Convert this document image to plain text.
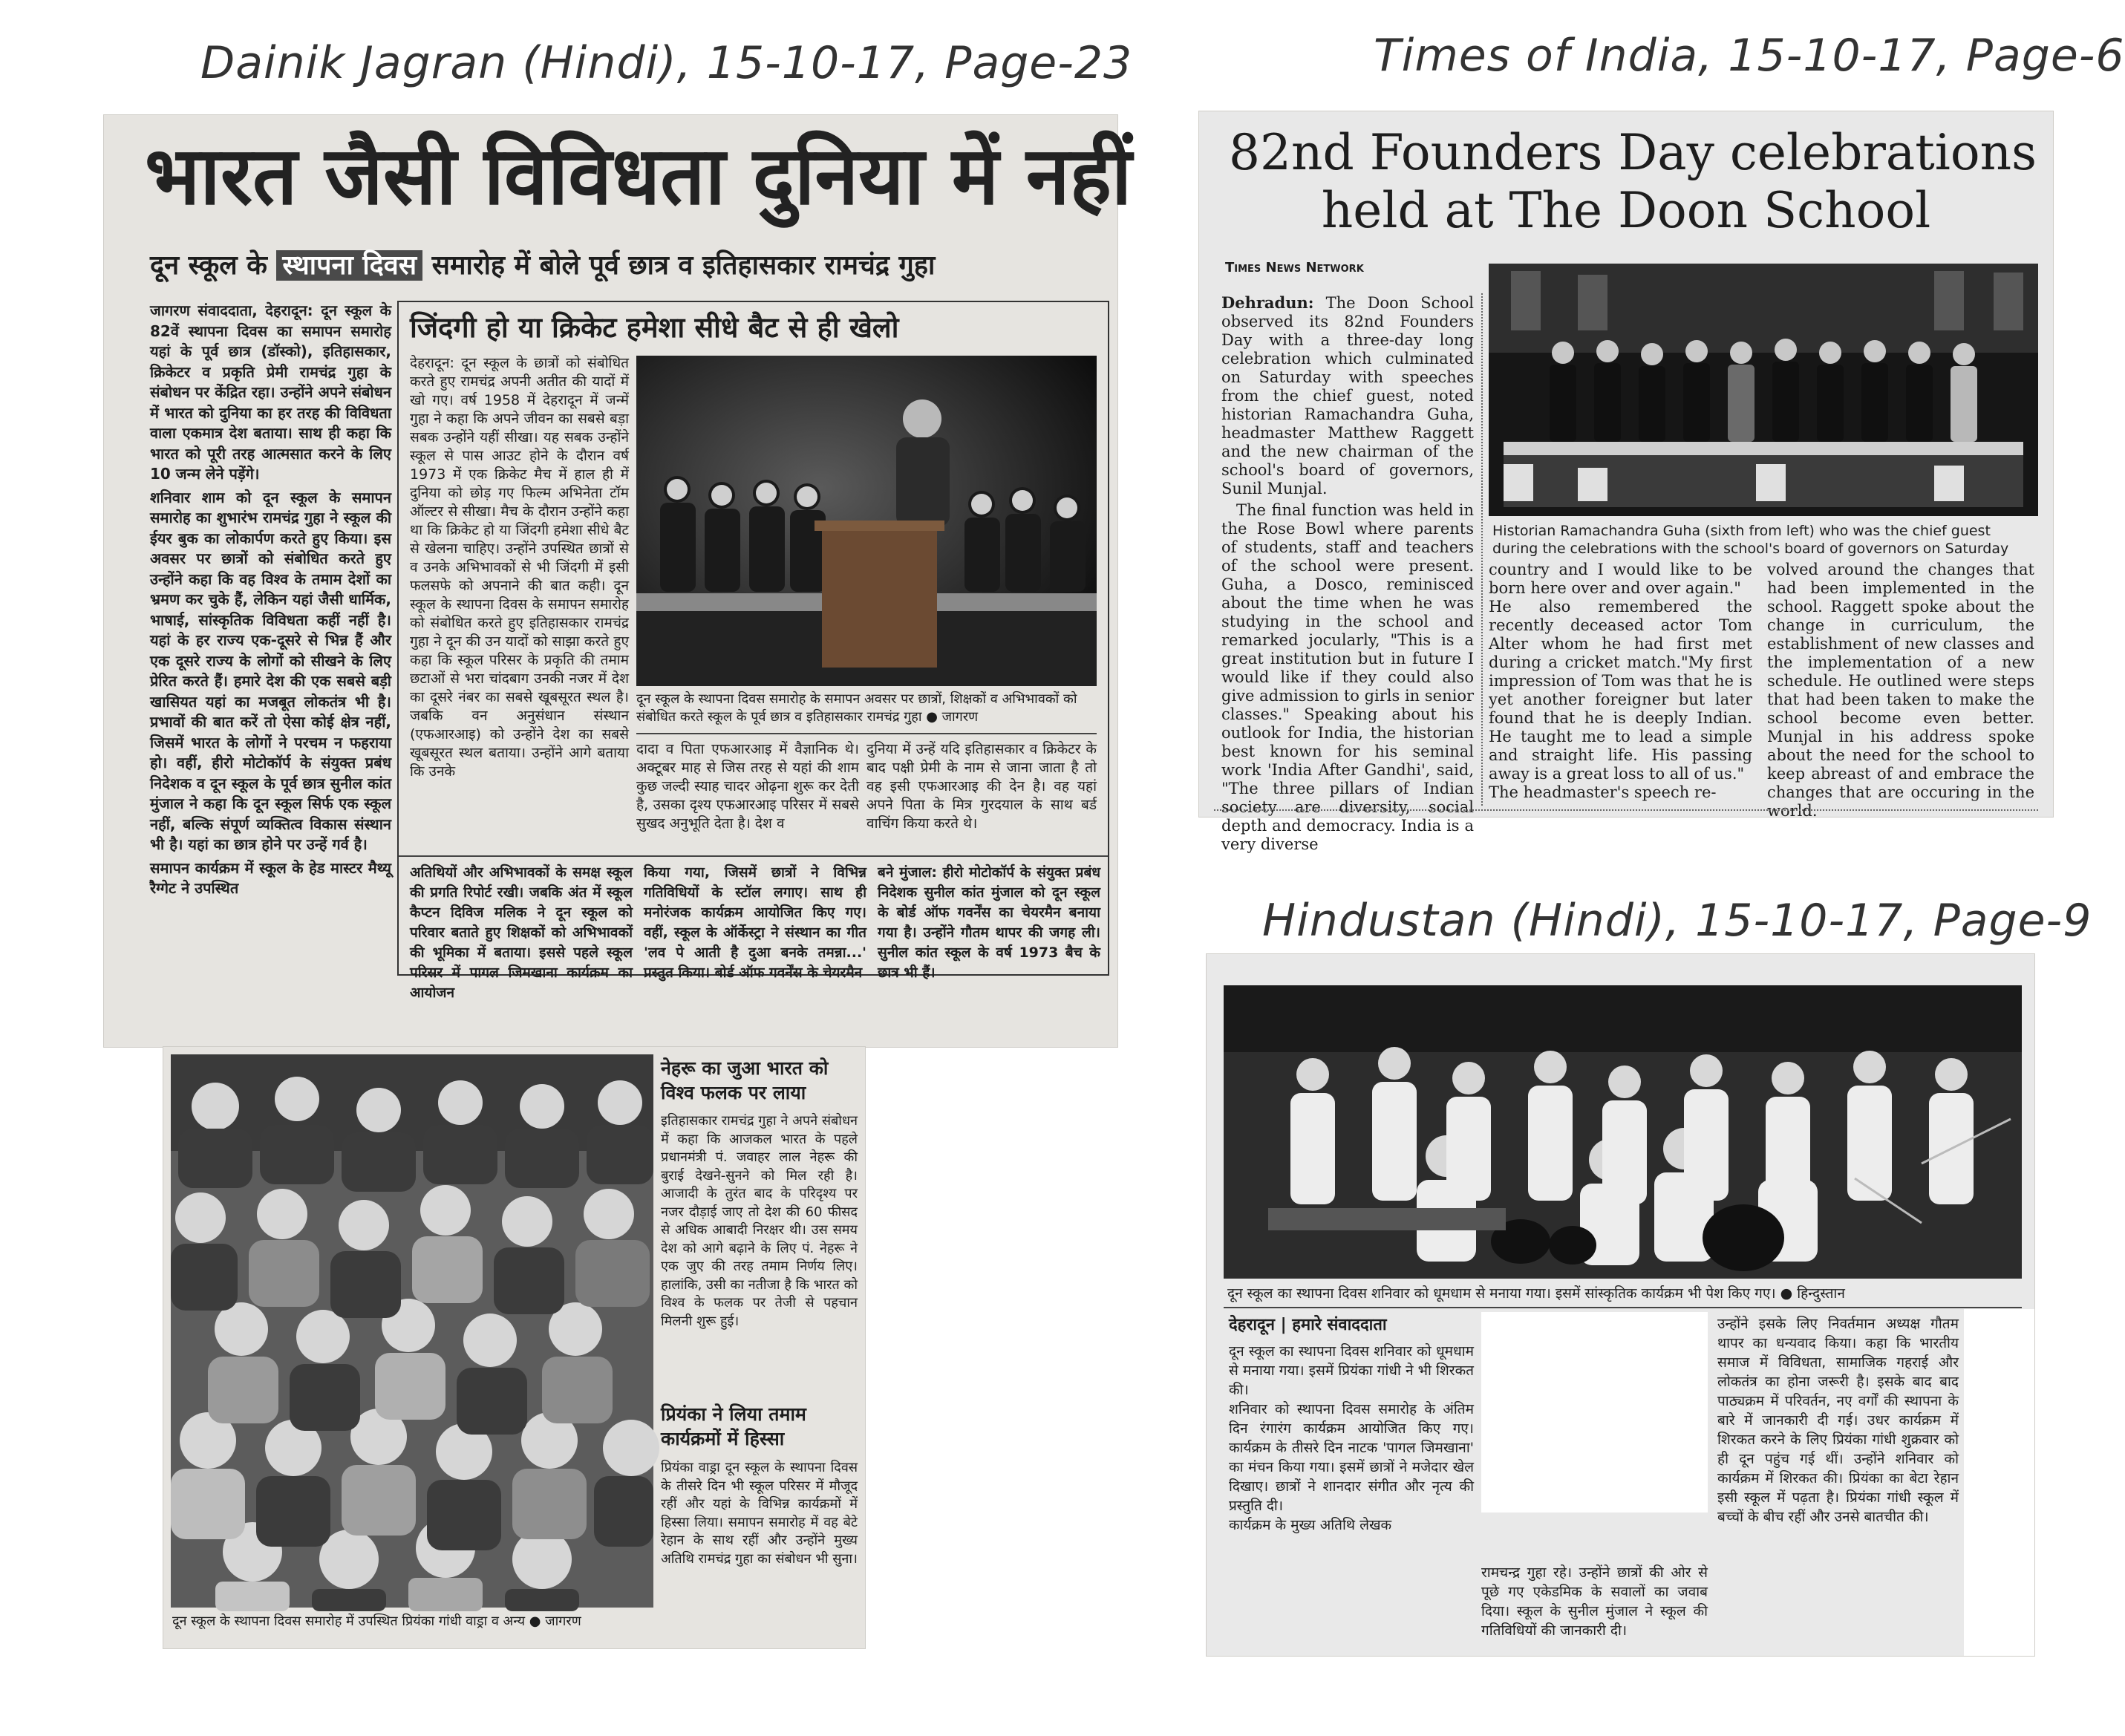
Dainik Jagran (Hindi), 15-10-17, Page-23	Times of India, 15-10-17, Page-6
Hindustan (Hindi), 15-10-17, Page-9
भारत जैसी विविधता दुनिया में नहीं
दून स्कूल के स्थापना दिवस समारोह में बोले पूर्व छात्र व इतिहासकार रामचंद्र गुहा

जागरण संवाददाता, देहरादून: दून स्कूल के 82वें स्थापना दिवस का समापन समारोह यहां के पूर्व छात्र (डॉस्को), इतिहासकार, क्रिकेटर व प्रकृति प्रेमी रामचंद्र गुहा के संबोधन पर केंद्रित रहा। उन्होंने अपने संबोधन में भारत को दुनिया का हर तरह की विविधता वाला एकमात्र देश बताया। साथ ही कहा कि भारत को पूरी तरह आत्मसात करने के लिए 10 जन्म लेने पड़ेंगे।

शनिवार शाम को दून स्कूल के समापन समारोह का शुभारंभ रामचंद्र गुहा ने स्कूल की ईयर बुक का लोकार्पण करते हुए किया। इस अवसर पर छात्रों को संबोधित करते हुए उन्होंने कहा कि वह विश्व के तमाम देशों का भ्रमण कर चुके हैं, लेकिन यहां जैसी धार्मिक, भाषाई, सांस्कृतिक विविधता कहीं नहीं है। यहां के हर राज्य एक-दूसरे से भिन्न हैं और एक दूसरे राज्य के लोगों को सीखने के लिए प्रेरित करते हैं। हमारे देश की एक सबसे बड़ी खासियत यहां का मजबूत लोकतंत्र भी है। प्रभावों की बात करें तो ऐसा कोई क्षेत्र नहीं, जिसमें भारत के लोगों ने परचम न फहराया हो। वहीं, हीरो मोटोकॉर्प के संयुक्त प्रबंध निदेशक व दून स्कूल के पूर्व छात्र सुनील कांत मुंजाल ने कहा कि दून स्कूल सिर्फ एक स्कूल नहीं, बल्कि संपूर्ण व्यक्तित्व विकास संस्थान भी है। यहां का छात्र होने पर उन्हें गर्व है।

समापन कार्यक्रम में स्कूल के हेड मास्टर मैथ्यू रैग्गेट ने उपस्थित

जिंदगी हो या क्रिकेट हमेशा सीधे बैट से ही खेलो
देहरादून: दून स्कूल के छात्रों को संबोधित करते हुए रामचंद्र अपनी अतीत की यादों में खो गए। वर्ष 1958 में देहरादून में जन्में गुहा ने कहा कि अपने जीवन का सबसे बड़ा सबक उन्होंने यहीं सीखा। यह सबक उन्होंने स्कूल से पास आउट होने के दौरान वर्ष 1973 में एक क्रिकेट मैच में हाल ही में दुनिया को छोड़ गए फिल्म अभिनेता टॉम ऑल्टर से सीखा। मैच के दौरान उन्होंने कहा था कि क्रिकेट हो या जिंदगी हमेशा सीधे बैट से खेलना चाहिए। उन्होंने उपस्थित छात्रों से व उनके अभिभावकों से भी जिंदगी में इसी फलसफे को अपनाने की बात कही। दून स्कूल के स्थापना दिवस के समापन समारोह को संबोधित करते हुए इतिहासकार रामचंद्र गुहा ने दून की उन यादों को साझा करते हुए कहा कि स्कूल परिसर के प्रकृति की तमाम छटाओं से भरा चांदबाग उनकी नजर में देश का दूसरे नंबर का सबसे खूबसूरत स्थल है। जबकि वन अनुसंधान संस्थान (एफआरआइ) को उन्होंने देश का सबसे खूबसूरत स्थल बताया। उन्होंने आगे बताया कि उनके
दून स्कूल के स्थापना दिवस समारोह के समापन अवसर पर छात्रों, शिक्षकों व अभिभावकों को संबोधित करते स्कूल के पूर्व छात्र व इतिहासकार रामचंद्र गुहा ● जागरण
दादा व पिता एफआरआइ में वैज्ञानिक थे। अक्टूबर माह से जिस तरह से यहां की शाम कुछ जल्दी स्याह चादर ओढ़ना शुरू कर देती है, उसका दृश्य एफआरआइ परिसर में सबसे सुखद अनुभूति देता है। देश व
दुनिया में उन्हें यदि इतिहासकार व क्रिकेटर के बाद पक्षी प्रेमी के नाम से जाना जाता है तो वह इसी एफआरआइ की देन है। वह यहां अपने पिता के मित्र गुरदयाल के साथ बर्ड वाचिंग किया करते थे।
अतिथियों और अभिभावकों के समक्ष स्कूल की प्रगति रिपोर्ट रखी। जबकि अंत में स्कूल कैप्टन दिविज मलिक ने दून स्कूल को परिवार बताते हुए शिक्षकों को अभिभावकों की भूमिका में बताया। इससे पहले स्कूल परिसर में पागल जिमखाना कार्यक्रम का आयोजन
किया गया, जिसमें छात्रों ने विभिन्न गतिविधियों के स्टॉल लगाए। साथ ही मनोरंजक कार्यक्रम आयोजित किए गए। वहीं, स्कूल के ऑर्केस्ट्रा ने संस्थान का गीत 'लव पे आती है दुआ बनके तमन्ना...' प्रस्तुत किया। बोर्ड ऑफ गवर्नेंस के चेयरमैन
बने मुंजाल: हीरो मोटोकॉर्प के संयुक्त प्रबंध निदेशक सुनील कांत मुंजाल को दून स्कूल के बोर्ड ऑफ गवर्नेंस का चेयरमैन बनाया गया है। उन्होंने गौतम थापर की जगह ली। सुनील कांत स्कूल के वर्ष 1973 बैच के छात्र भी हैं।
दून स्कूल के स्थापना दिवस समारोह में उपस्थित प्रियंका गांधी वाड्रा व अन्य ● जागरण
नेहरू का जुआ भारत को विश्व फलक पर लाया
इतिहासकार रामचंद्र गुहा ने अपने संबोधन में कहा कि आजकल भारत के पहले प्रधानमंत्री पं. जवाहर लाल नेहरू की बुराई देखने-सुनने को मिल रही है। आजादी के तुरंत बाद के परिदृश्य पर नजर दौड़ाई जाए तो देश की 60 फीसद से अधिक आबादी निरक्षर थी। उस समय देश को आगे बढ़ाने के लिए पं. नेहरू ने एक जुए की तरह तमाम निर्णय लिए। हालांकि, उसी का नतीजा है कि भारत को विश्व के फलक पर तेजी से पहचान मिलनी शुरू हुई।
प्रियंका ने लिया तमाम कार्यक्रमों में हिस्सा
प्रियंका वाड्रा दून स्कूल के स्थापना दिवस के तीसरे दिन भी स्कूल परिसर में मौजूद रहीं और यहां के विभिन्न कार्यक्रमों में हिस्सा लिया। समापन समारोह में वह बेटे रेहान के साथ रहीं और उन्होंने मुख्य अतिथि रामचंद्र गुहा का संबोधन भी सुना।
82nd Founders Day celebrations
held at The Doon School
Times News Network

Dehradun: The Doon School observed its 82nd Founders Day with a three-day long celebration which culminated on Saturday with speeches from the chief guest, noted historian Ramachandra Guha, headmaster Matthew Raggett and the new chairman of the school's board of governors, Sunil Munjal.

The final function was held in the Rose Bowl where parents of students, staff and teachers of the school were present. Guha, a Dosco, reminisced about the time when he was studying in the school and remarked jocularly, "This is a great institution but in future I would like if they could also give admission to girls in senior classes." Speaking about his outlook for India, the historian best known for his seminal work 'India After Gandhi', said, "The three pillars of Indian society are diversity, social depth and democracy. India is a very diverse

Historian Ramachandra Guha (sixth from left) who was the chief guest during the celebrations with the school's board of governors on Saturday
country and I would like to be born here over and over again."
He also remembered the recently deceased actor Tom Alter whom he had first met during a cricket match."My first impression of Tom was that he is yet another foreigner but later found that he is deeply Indian. He taught me to lead a simple and straight life. His passing away is a great loss to all of us."
The headmaster's speech re-
volved around the changes that had been implemented in the school. Raggett spoke about the change in curriculum, the establishment of new classes and the implementation of a new schedule. He outlined were steps that had been taken to make the school become even better. Munjal in his address spoke about the need for the school to keep abreast of and embrace the changes that are occuring in the world.
दून स्कूल का स्थापना दिवस शनिवार को धूमधाम से मनाया गया। इसमें सांस्कृतिक कार्यक्रम भी पेश किए गए। ● हिन्दुस्तान
देहरादून | हमारे संवाददाता
दून स्कूल का स्थापना दिवस शनिवार को धूमधाम से मनाया गया। इसमें प्रियंका गांधी ने भी शिरकत की।
शनिवार को स्थापना दिवस समारोह के अंतिम दिन रंगारंग कार्यक्रम आयोजित किए गए। कार्यक्रम के तीसरे दिन नाटक 'पागल जिमखाना' का मंचन किया गया। इसमें छात्रों ने मजेदार खेल दिखाए। छात्रों ने शानदार संगीत और नृत्य की प्रस्तुति दी।
कार्यक्रम के मुख्य अतिथि लेखक
रामचन्द्र गुहा रहे। उन्होंने छात्रों की ओर से पूछे गए एकेडमिक के सवालों का जवाब दिया। स्कूल के सुनील मुंजाल ने स्कूल की गतिविधियों की जानकारी दी।
उन्होंने इसके लिए निवर्तमान अध्यक्ष गौतम थापर का धन्यवाद किया। कहा कि भारतीय समाज में विविधता, सामाजिक गहराई और लोकतंत्र का होना जरूरी है। इसके बाद बाद पाठ्यक्रम में परिवर्तन, नए वर्गों की स्थापना के बारे में जानकारी दी गई। उधर कार्यक्रम में शिरकत करने के लिए प्रियंका गांधी शुक्रवार को ही दून पहुंच गई थीं। उन्होंने शनिवार को कार्यक्रम में शिरकत की। प्रियंका का बेटा रेहान इसी स्कूल में पढ़ता है। प्रियंका गांधी स्कूल में बच्चों के बीच रहीं और उनसे बातचीत की।
